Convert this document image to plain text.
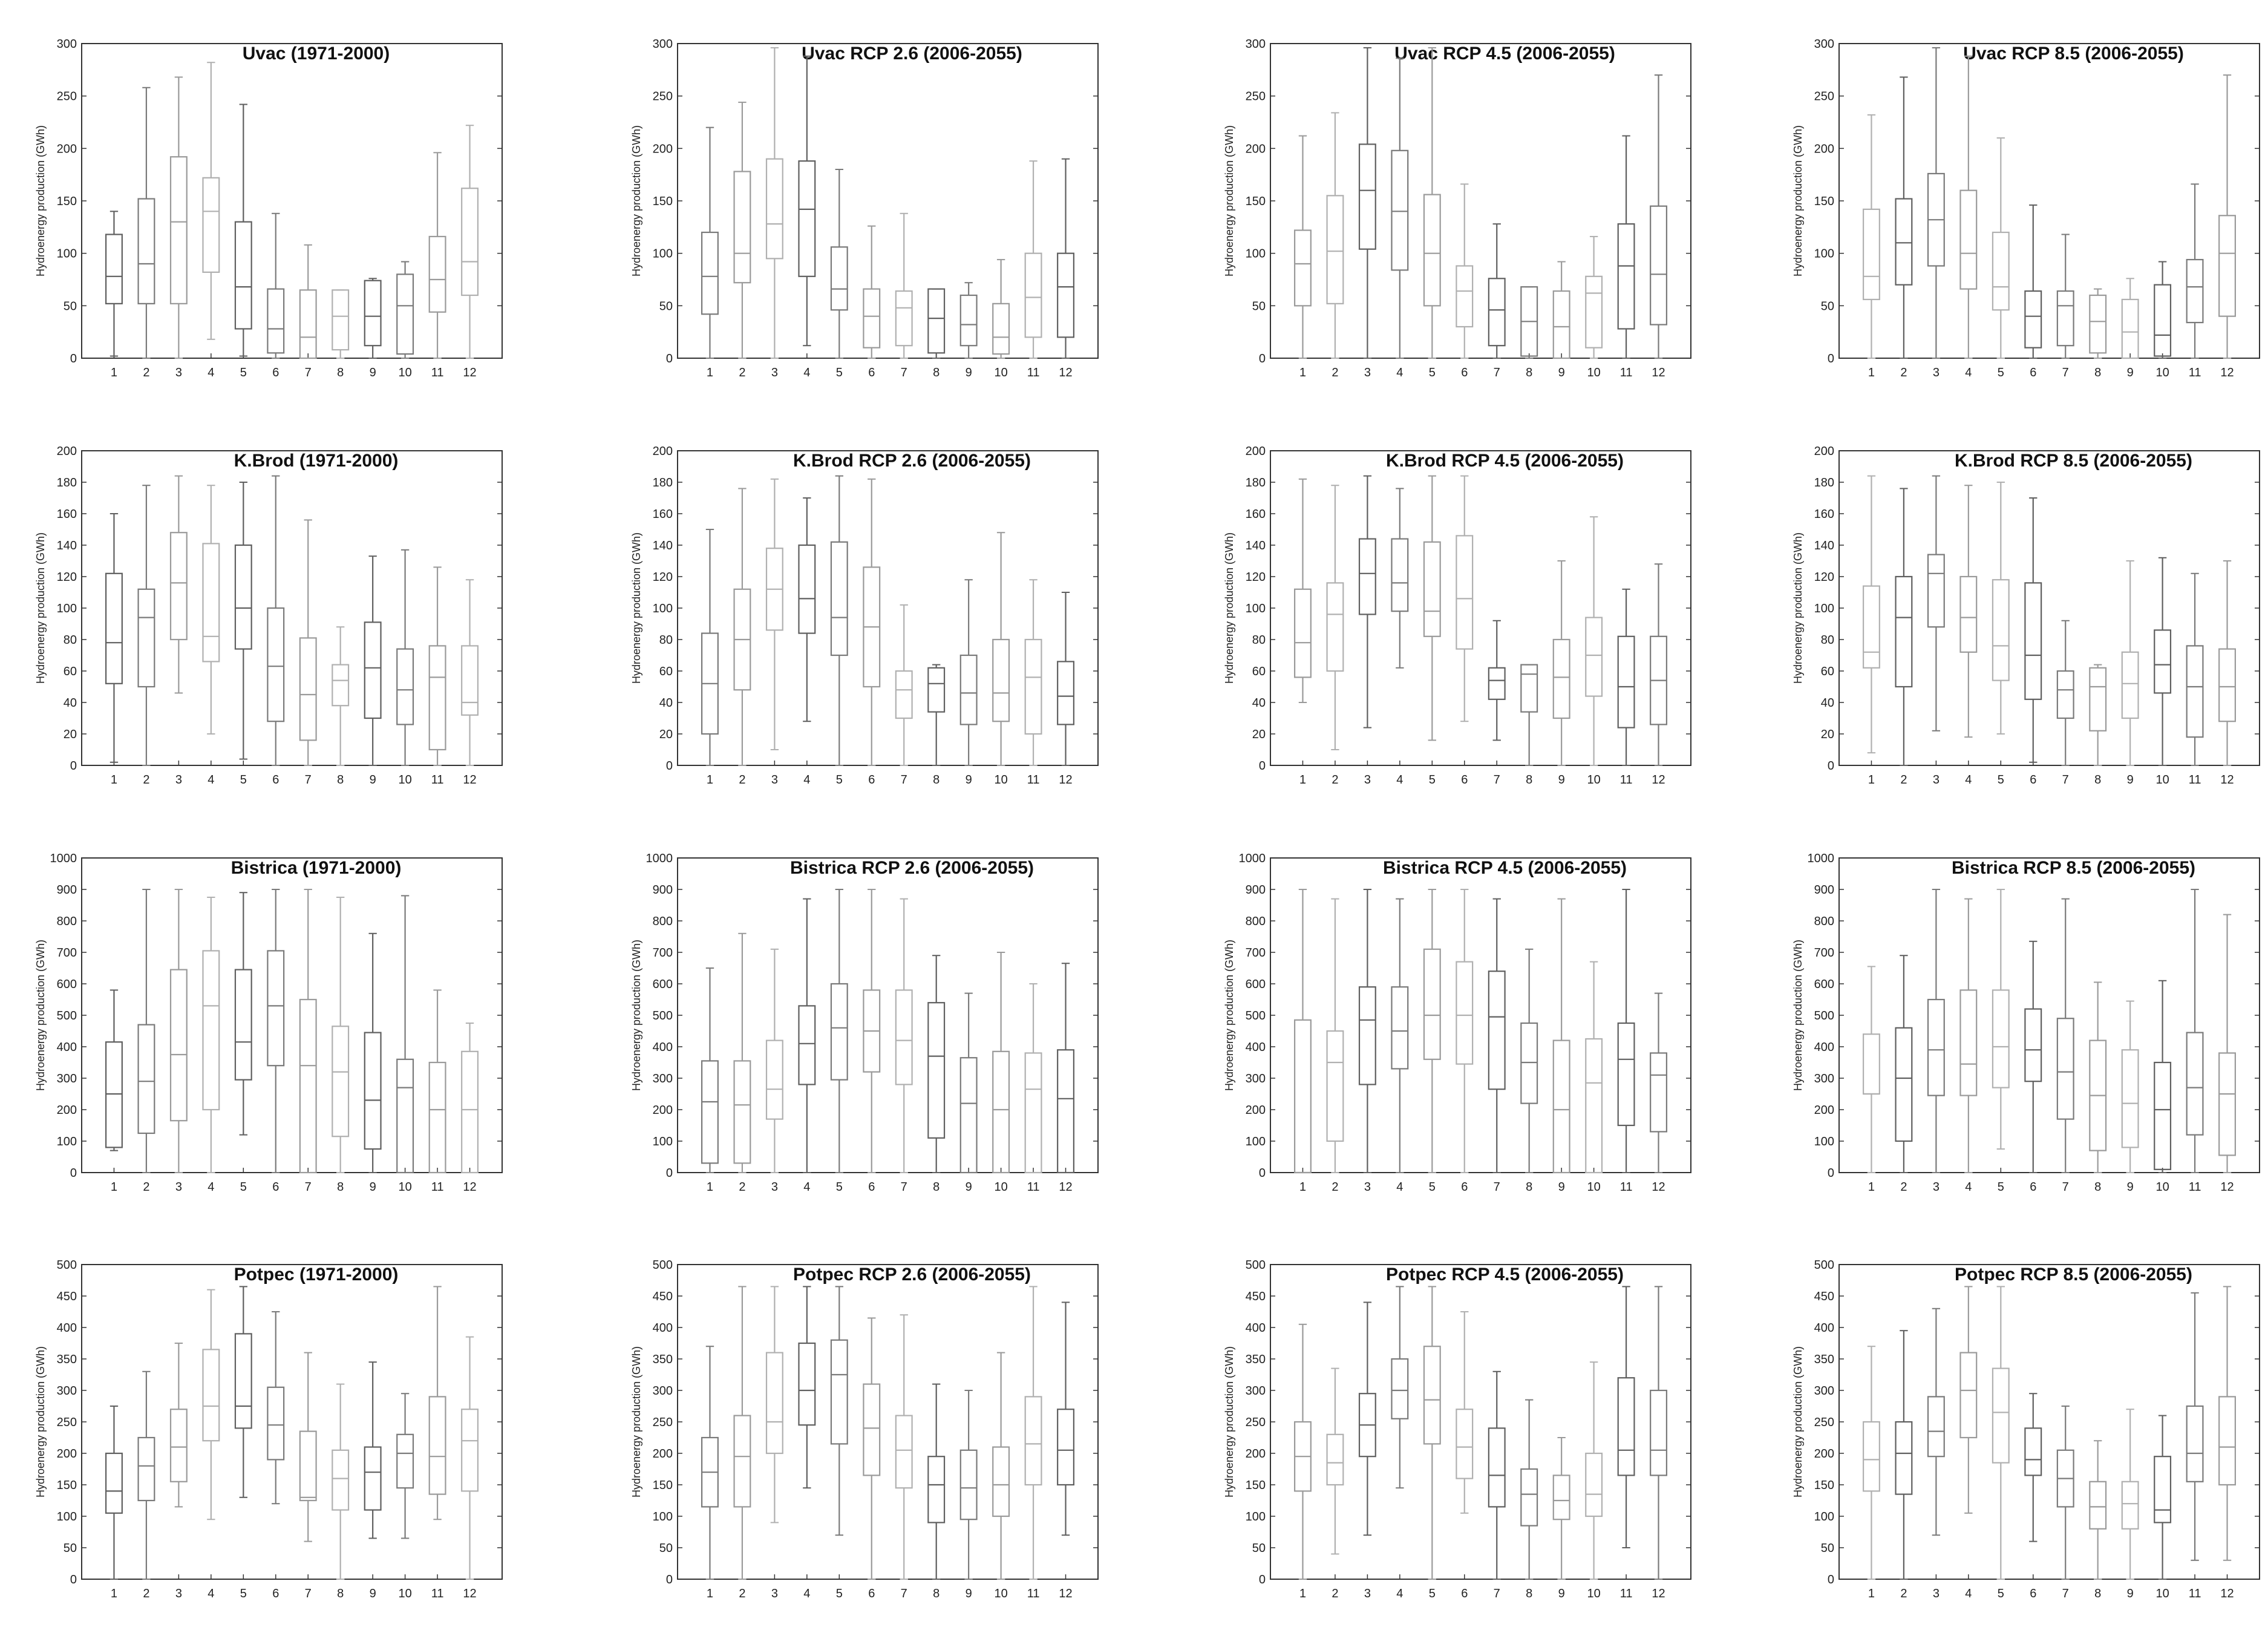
Uvac (1971-2000)
Hydroenergy production (GWh)
0
50
100
150
200
250
300
1 2 3 4 5 6 7 8 9 10 11 12
Uvac RCP 2.6 (2006-2055)
Hydroenergy production (GWh)
0
50
100
150
200
250
300
1 2 3 4 5 6 7 8 9 10 11 12
Uvac RCP 4.5 (2006-2055)
Hydroenergy production (GWh)
0
50
100
150
200
250
300
1 2 3 4 5 6 7 8 9 10 11 12
Uvac RCP 8.5 (2006-2055)
Hydroenergy production (GWh)
0
50
100
150
200
250
300
1 2 3 4 5 6 7 8 9 10 11 12
K.Brod (1971-2000)
Hydroenergy production (GWh)
0
20
40
60
80
100
120
140
160
180
200
1 2 3 4 5 6 7 8 9 10 11 12
K.Brod RCP 2.6 (2006-2055)
Hydroenergy production (GWh)
0
20
40
60
80
100
120
140
160
180
200
1 2 3 4 5 6 7 8 9 10 11 12
K.Brod RCP 4.5 (2006-2055)
Hydroenergy production (GWh)
0
20
40
60
80
100
120
140
160
180
200
1 2 3 4 5 6 7 8 9 10 11 12
K.Brod RCP 8.5 (2006-2055)
Hydroenergy production (GWh)
0
20
40
60
80
100
120
140
160
180
200
1 2 3 4 5 6 7 8 9 10 11 12
Bistrica (1971-2000)
Hydroenergy production (GWh)
0
100
200
300
400
500
600
700
800
900
1000
1 2 3 4 5 6 7 8 9 10 11 12
Bistrica RCP 2.6 (2006-2055)
Hydroenergy production (GWh)
0
100
200
300
400
500
600
700
800
900
1000
1 2 3 4 5 6 7 8 9 10 11 12
Bistrica RCP 4.5 (2006-2055)
Hydroenergy production (GWh)
0
100
200
300
400
500
600
700
800
900
1000
1 2 3 4 5 6 7 8 9 10 11 12
Bistrica RCP 8.5 (2006-2055)
Hydroenergy production (GWh)
0
100
200
300
400
500
600
700
800
900
1000
1 2 3 4 5 6 7 8 9 10 11 12
Potpec (1971-2000)
Hydroenergy production (GWh)
0
50
100
150
200
250
300
350
400
450
500
1 2 3 4 5 6 7 8 9 10 11 12
Potpec RCP 2.6 (2006-2055)
Hydroenergy production (GWh)
0
50
100
150
200
250
300
350
400
450
500
1 2 3 4 5 6 7 8 9 10 11 12
Potpec RCP 4.5 (2006-2055)
Hydroenergy production (GWh)
0
50
100
150
200
250
300
350
400
450
500
1 2 3 4 5 6 7 8 9 10 11 12
Potpec RCP 8.5 (2006-2055)
Hydroenergy production (GWh)
0
50
100
150
200
250
300
350
400
450
500
1 2 3 4 5 6 7 8 9 10 11 12
